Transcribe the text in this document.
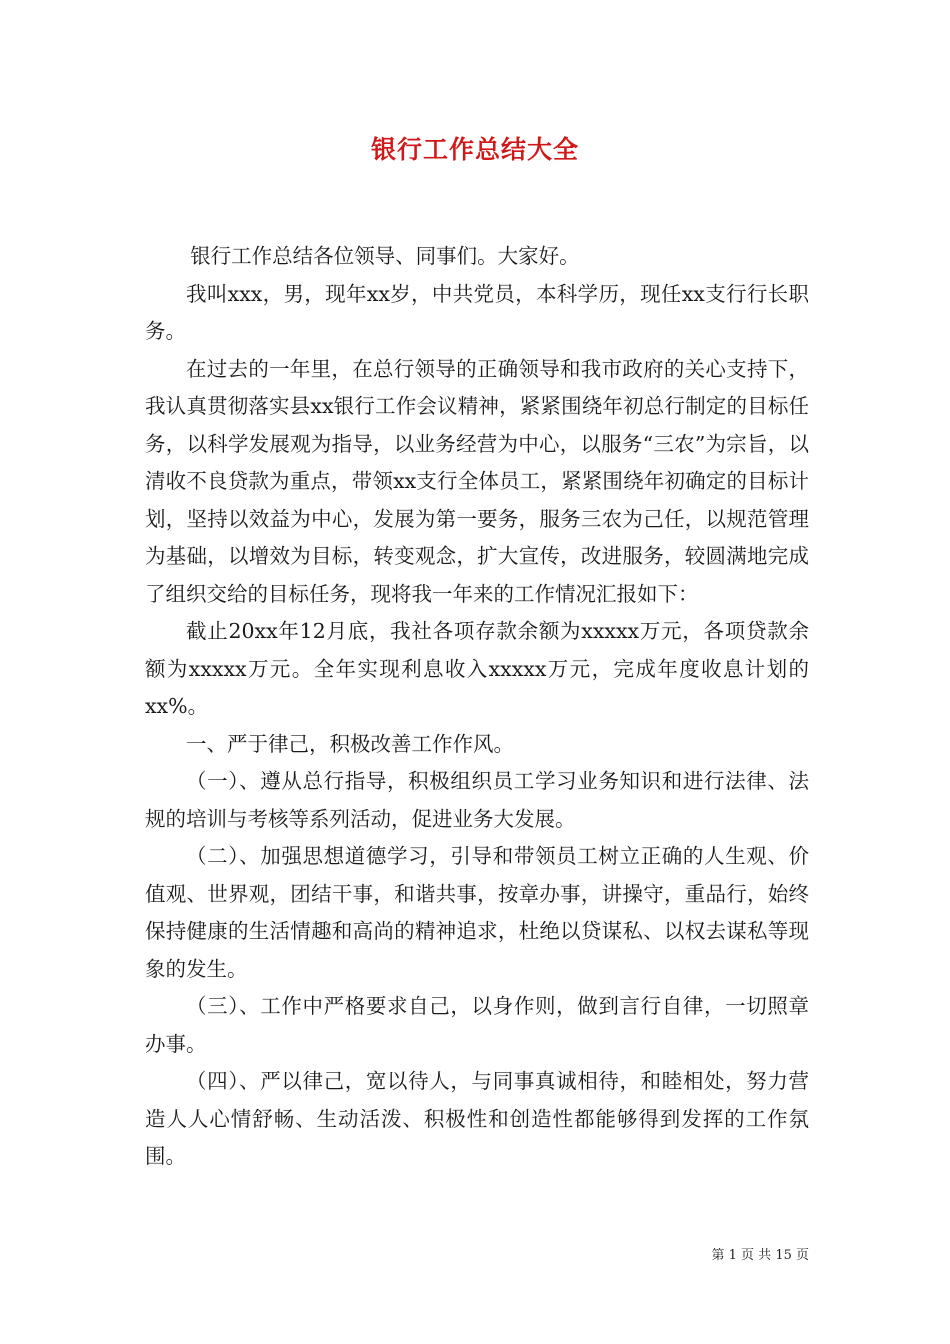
银行工作总结大全

银行工作总结各位领导、同事们。大家好。

我叫xxx，男，现年xx岁，中共党员，本科学历，现任xx支行行长职务。

在过去的一年里，在总行领导的正确领导和我市政府的关心支持下，我认真贯彻落实县xx银行工作会议精神，紧紧围绕年初总行制定的目标任务，以科学发展观为指导，以业务经营为中心，以服务“三农”为宗旨，以清收不良贷款为重点，带领xx支行全体员工，紧紧围绕年初确定的目标计划，坚持以效益为中心，发展为第一要务，服务三农为己任，以规范管理为基础，以增效为目标，转变观念，扩大宣传，改进服务，较圆满地完成了组织交给的目标任务，现将我一年来的工作情况汇报如下：

截止20xx年12月底，我社各项存款余额为xxxxx万元，各项贷款余额为xxxxx万元。全年实现利息收入xxxxx万元，完成年度收息计划的xx%。

一、严于律己，积极改善工作作风。

（一）、遵从总行指导，积极组织员工学习业务知识和进行法律、法规的培训与考核等系列活动，促进业务大发展。

（二）、加强思想道德学习，引导和带领员工树立正确的人生观、价值观、世界观，团结干事，和谐共事，按章办事，讲操守，重品行，始终保持健康的生活情趣和高尚的精神追求，杜绝以贷谋私、以权去谋私等现象的发生。

（三）、工作中严格要求自己，以身作则，做到言行自律，一切照章办事。

（四）、严以律己，宽以待人，与同事真诚相待，和睦相处，努力营造人人心情舒畅、生动活泼、积极性和创造性都能够得到发挥的工作氛围。

第 1 页 共 15 页
